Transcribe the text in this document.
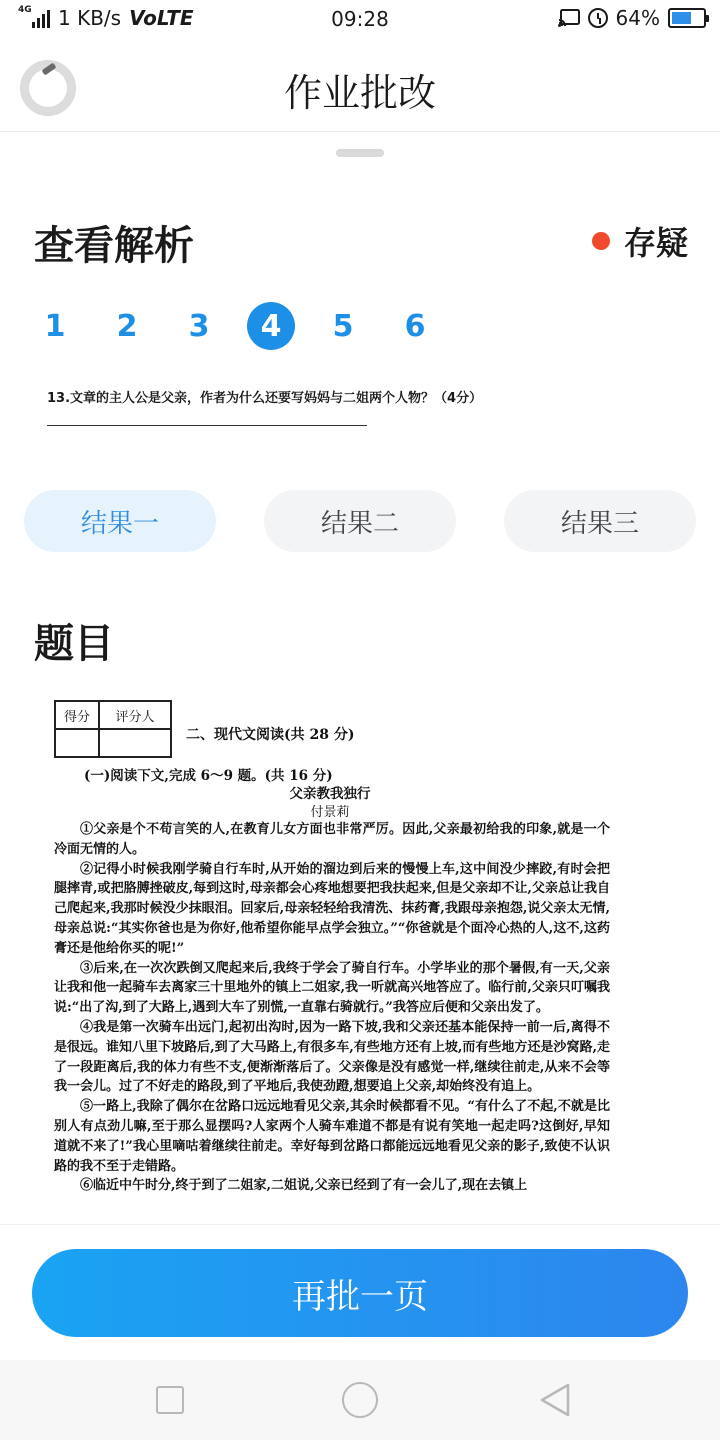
4G 1 KB/s VoLTE	09:28	64%
作业批改
查看解析	存疑
1	2	3	4	5	6
13.文章的主人公是父亲，作者为什么还要写妈妈与二姐两个人物？（4分）
结果一	结果二	结果三
题目
得分	评分人

二、现代文阅读(共 28 分)
(一)阅读下文,完成 6～9 题。(共 16 分)
父亲教我独行
付景莉

①父亲是个不苟言笑的人,在教育儿女方面也非常严厉。因此,父亲最初给我的印象,就是一个冷面无情的人。

②记得小时候我刚学骑自行车时,从开始的溜边到后来的慢慢上车,这中间没少摔跤,有时会把腿摔青,或把胳膊挫破皮,每到这时,母亲都会心疼地想要把我扶起来,但是父亲却不让,父亲总让我自己爬起来,我那时候没少抹眼泪。回家后,母亲轻轻给我清洗、抹药膏,我跟母亲抱怨,说父亲太无情,母亲总说:“其实你爸也是为你好,他希望你能早点学会独立。”“你爸就是个面冷心热的人,这不,这药膏还是他给你买的呢!”

③后来,在一次次跌倒又爬起来后,我终于学会了骑自行车。小学毕业的那个暑假,有一天,父亲让我和他一起骑车去离家三十里地外的镇上二姐家,我一听就高兴地答应了。临行前,父亲只叮嘱我说:“出了沟,到了大路上,遇到大车了别慌,一直靠右骑就行。”我答应后便和父亲出发了。

④我是第一次骑车出远门,起初出沟时,因为一路下坡,我和父亲还基本能保持一前一后,离得不是很远。谁知八里下坡路后,到了大马路上,有很多车,有些地方还有上坡,而有些地方还是沙窝路,走了一段距离后,我的体力有些不支,便渐渐落后了。父亲像是没有感觉一样,继续往前走,从来不会等我一会儿。过了不好走的路段,到了平地后,我使劲蹬,想要追上父亲,却始终没有追上。

⑤一路上,我除了偶尔在岔路口远远地看见父亲,其余时候都看不见。“有什么了不起,不就是比别人有点劲儿嘛,至于那么显摆吗?人家两个人骑车难道不都是有说有笑地一起走吗?这倒好,早知道就不来了!”我心里嘀咕着继续往前走。幸好每到岔路口都能远远地看见父亲的影子,致使不认识路的我不至于走错路。

⑥临近中午时分,终于到了二姐家,二姐说,父亲已经到了有一会儿了,现在去镇上

再批一页
